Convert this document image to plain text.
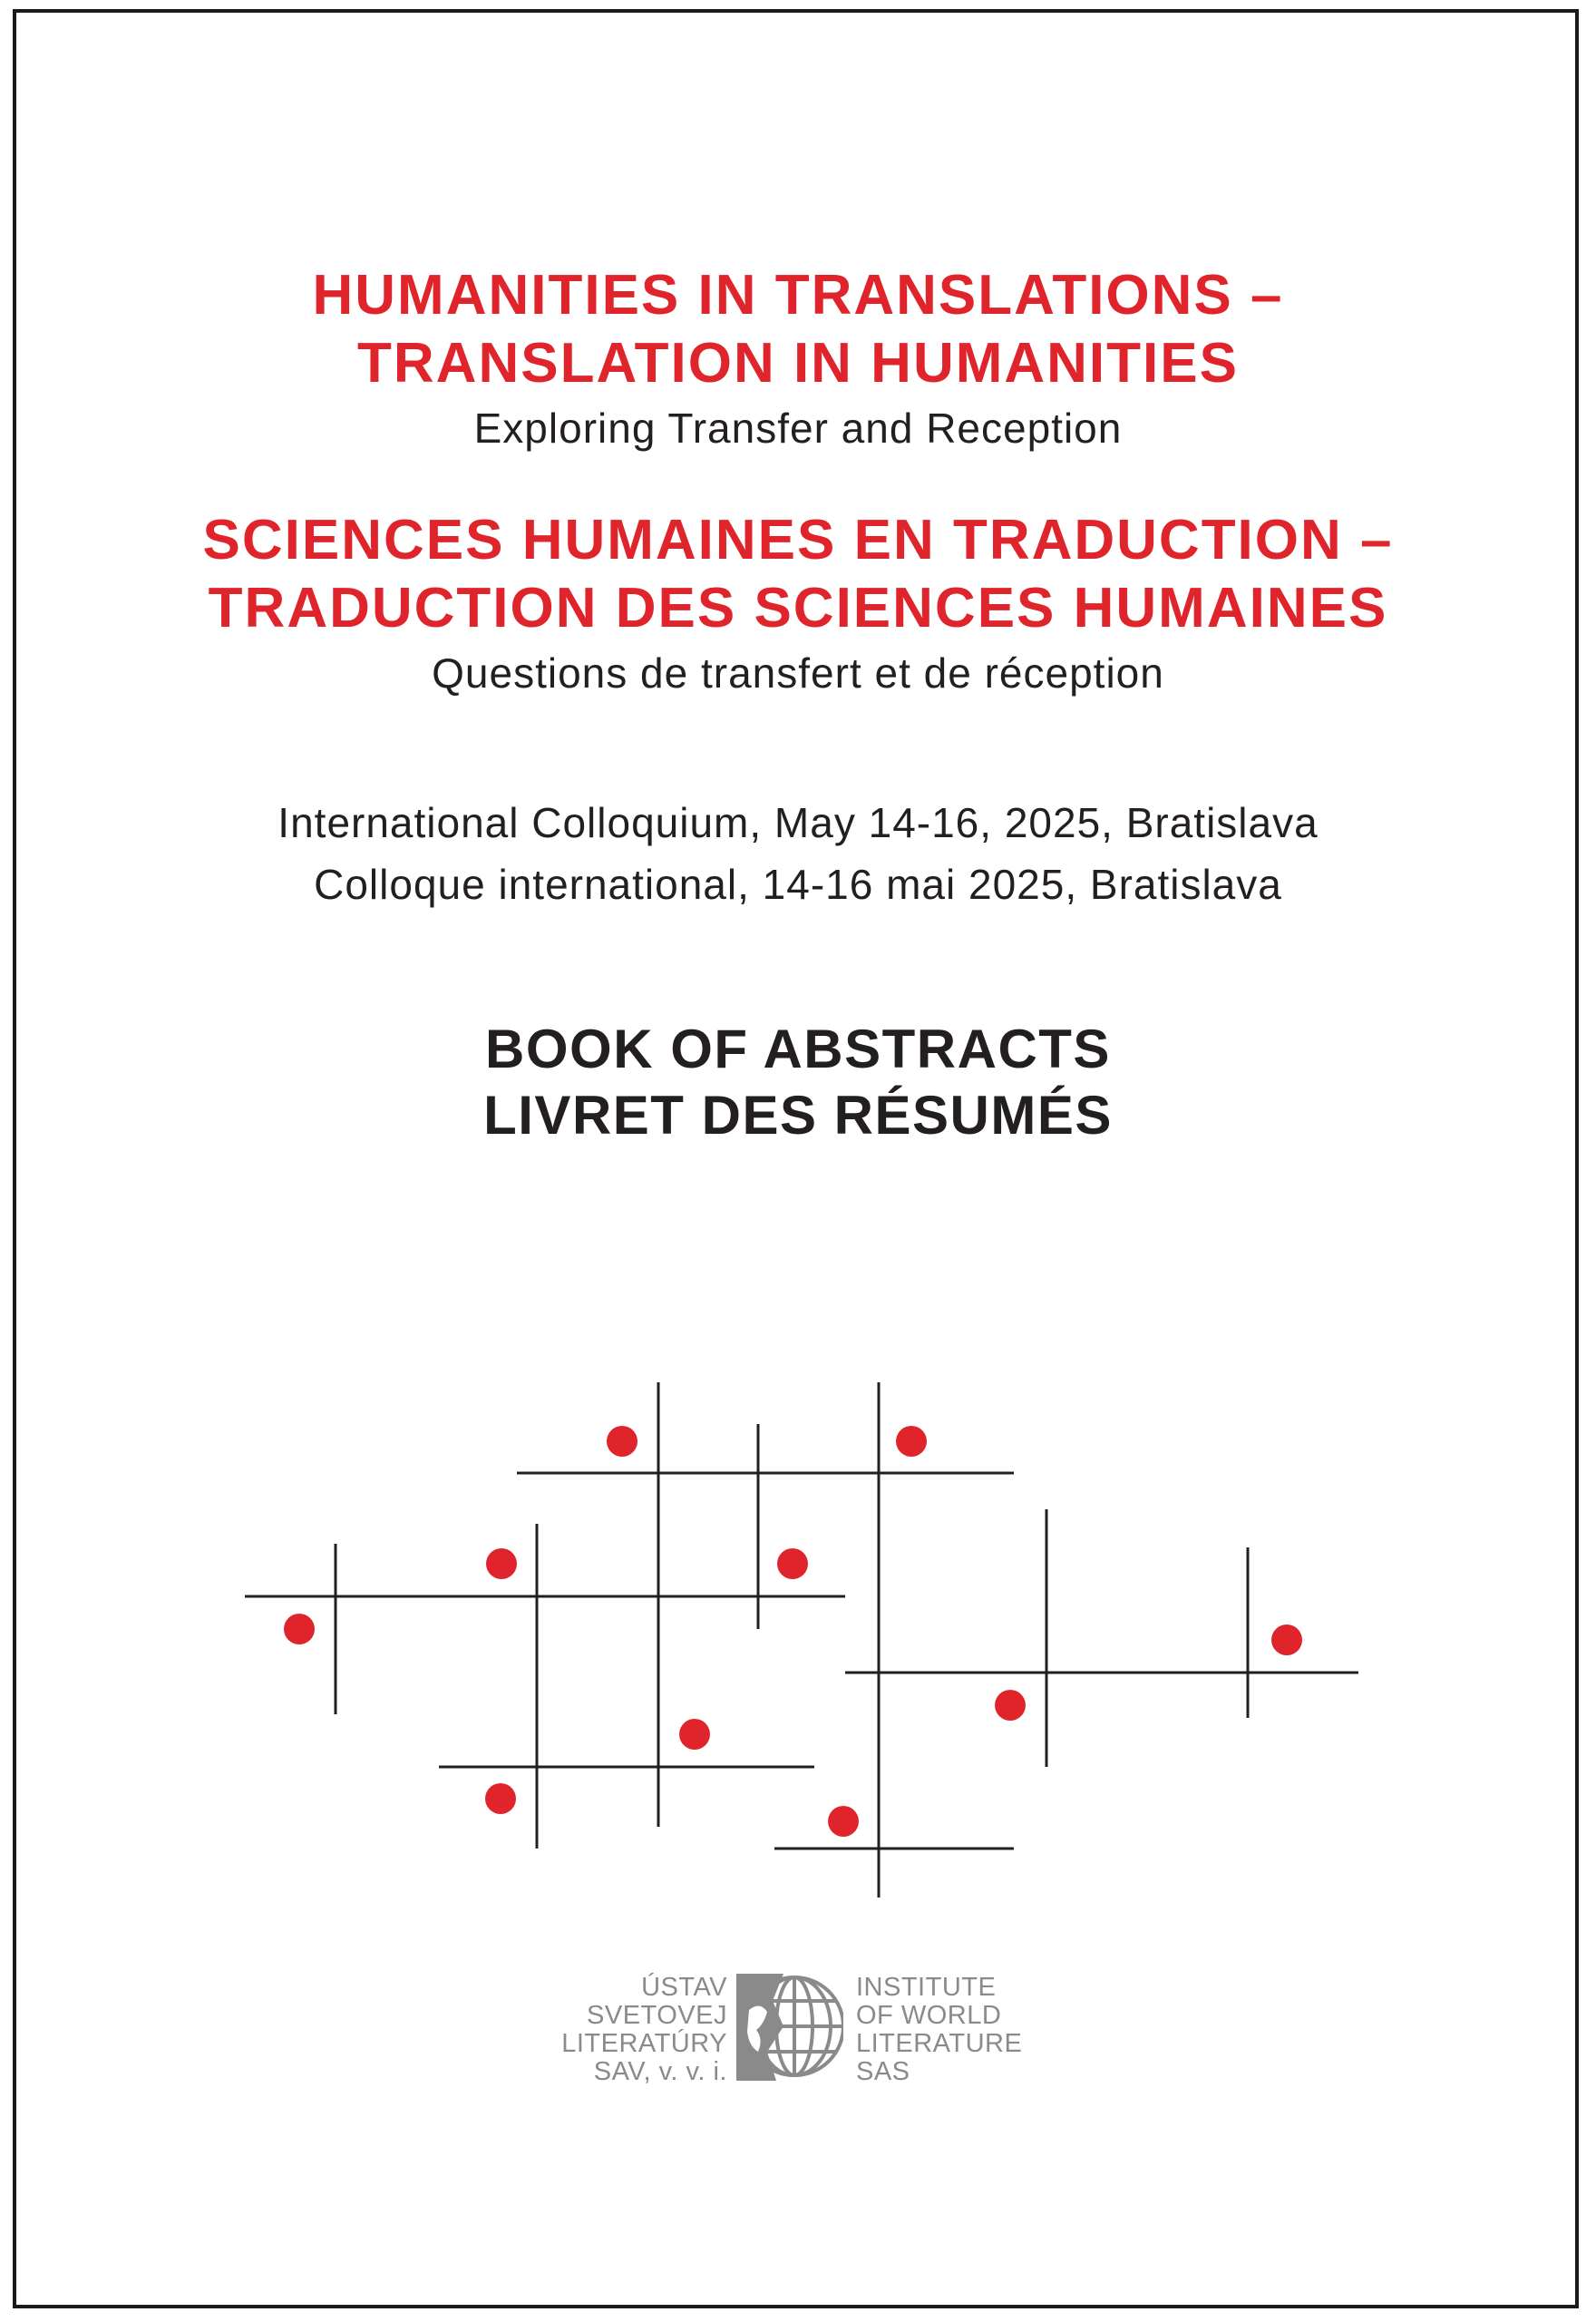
HUMANITIES IN TRANSLATIONS –
TRANSLATION IN HUMANITIES
Exploring Transfer and Reception
SCIENCES HUMAINES EN TRADUCTION –
TRADUCTION DES SCIENCES HUMAINES
Questions de transfert et de réception
International Colloquium, May 14-16, 2025, Bratislava
Colloque international, 14-16 mai 2025, Bratislava
BOOK OF ABSTRACTS
LIVRET DES RÉSUMÉS
ÚSTAV
SVETOVEJ
LITERATÚRY
SAV, v. v. i.
INSTITUTE
OF WORLD
LITERATURE
SAS
